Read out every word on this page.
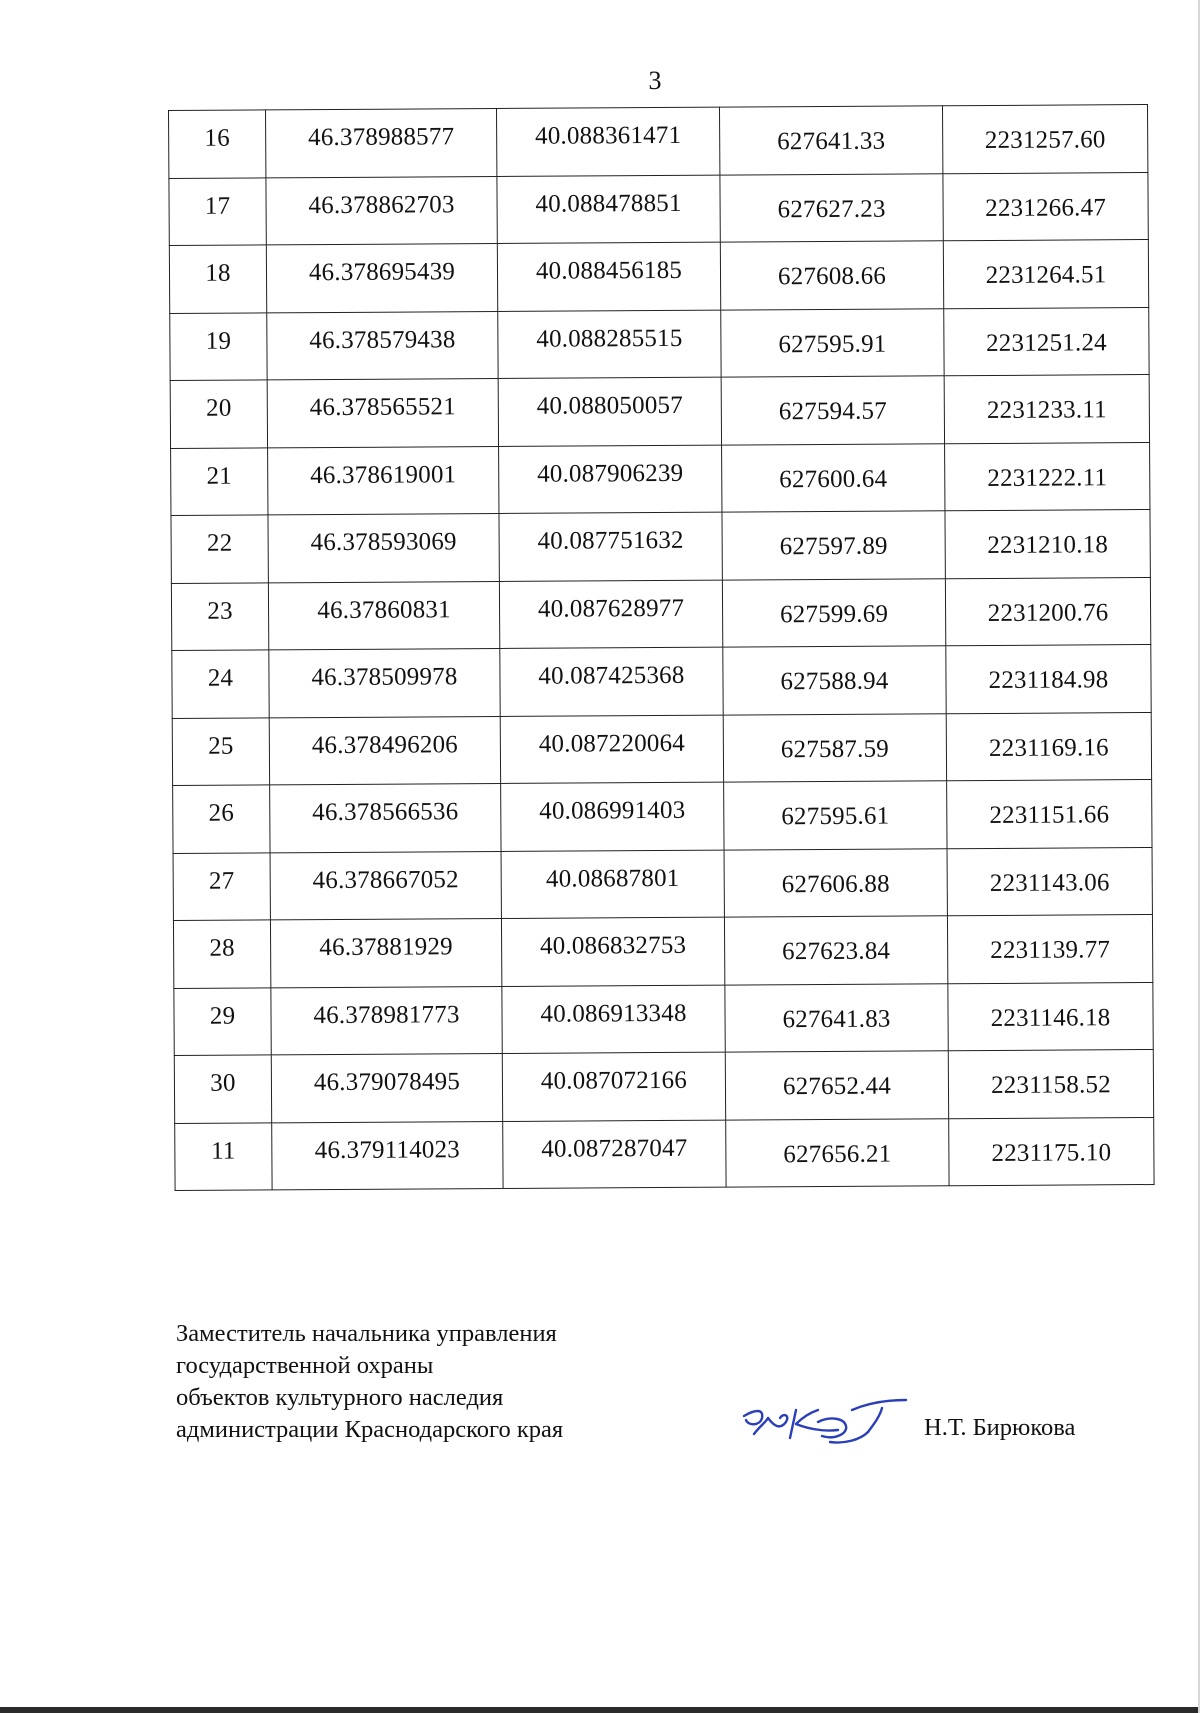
3
16	46.378988577	40.088361471	627641.33	2231257.60
17	46.378862703	40.088478851	627627.23	2231266.47
18	46.378695439	40.088456185	627608.66	2231264.51
19	46.378579438	40.088285515	627595.91	2231251.24
20	46.378565521	40.088050057	627594.57	2231233.11
21	46.378619001	40.087906239	627600.64	2231222.11
22	46.378593069	40.087751632	627597.89	2231210.18
23	46.37860831	40.087628977	627599.69	2231200.76
24	46.378509978	40.087425368	627588.94	2231184.98
25	46.378496206	40.087220064	627587.59	2231169.16
26	46.378566536	40.086991403	627595.61	2231151.66
27	46.378667052	40.08687801	627606.88	2231143.06
28	46.37881929	40.086832753	627623.84	2231139.77
29	46.378981773	40.086913348	627641.83	2231146.18
30	46.379078495	40.087072166	627652.44	2231158.52
11	46.379114023	40.087287047	627656.21	2231175.10
Заместитель начальника управления
государственной охраны
объектов культурного наследия
администрации Краснодарского края	Н.Т. Бирюкова
